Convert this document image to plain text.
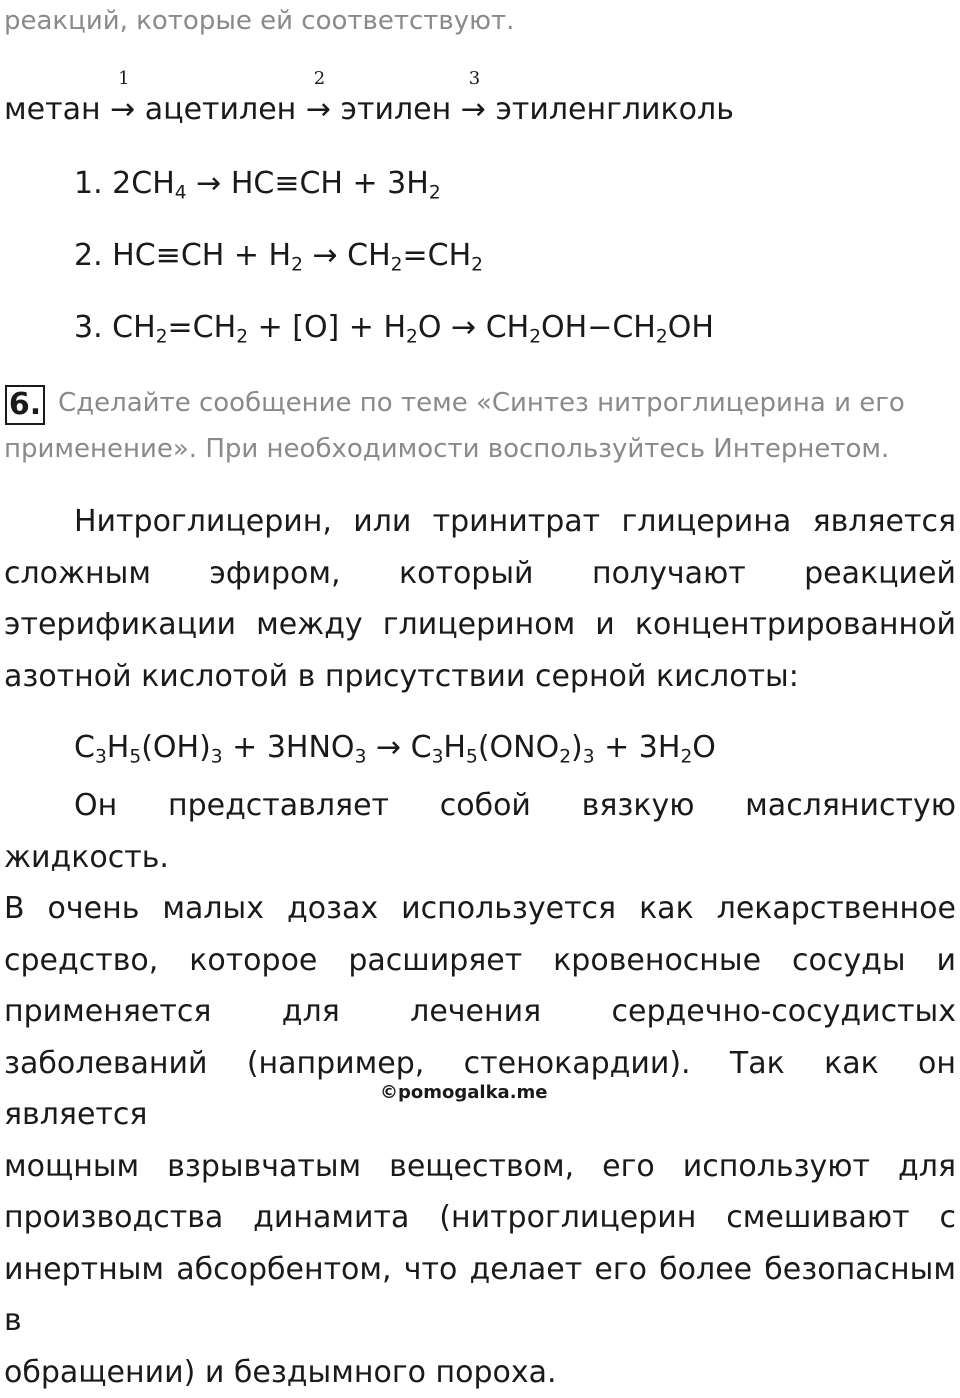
реакций, которые ей соответствуют.
метан
1
→ ацетилен
2
→ этилен
3
→ этиленгликоль
1. $2CH_4 \to HC\equiv CH + 3H_2$
2. $HC\equiv CH + H_2 \to CH_2=CH_2$
3. $CH_2=CH_2 + [O] + H_2O \to CH_2OH-CH_2OH$
6. Сделайте сообщение по теме «Синтез нитроглицерина и его
применение». При необходимости воспользуйтесь Интернетом.
Нитроглицерин, или тринитрат глицерина является
сложным эфиром, который получают реакцией
этерификации между глицерином и концентрированной
азотной кислотой в присутствии серной кислоты:
$C_3H_5(OH)_3 + 3HNO_3 \to C_3H_5(ONO_2)_3 + 3H_2O$
Он представляет собой вязкую маслянистую жидкость.
В очень малых дозах используется как лекарственное
средство, которое расширяет кровеносные сосуды и
применяется для лечения сердечно-сосудистых
заболеваний (например, стенокардии). Так как он является
мощным взрывчатым веществом, его используют для
производства динамита (нитроглицерин смешивают с
инертным абсорбентом, что делает его более безопасным в
обращении) и бездымного пороха.
©pomogalka.me
